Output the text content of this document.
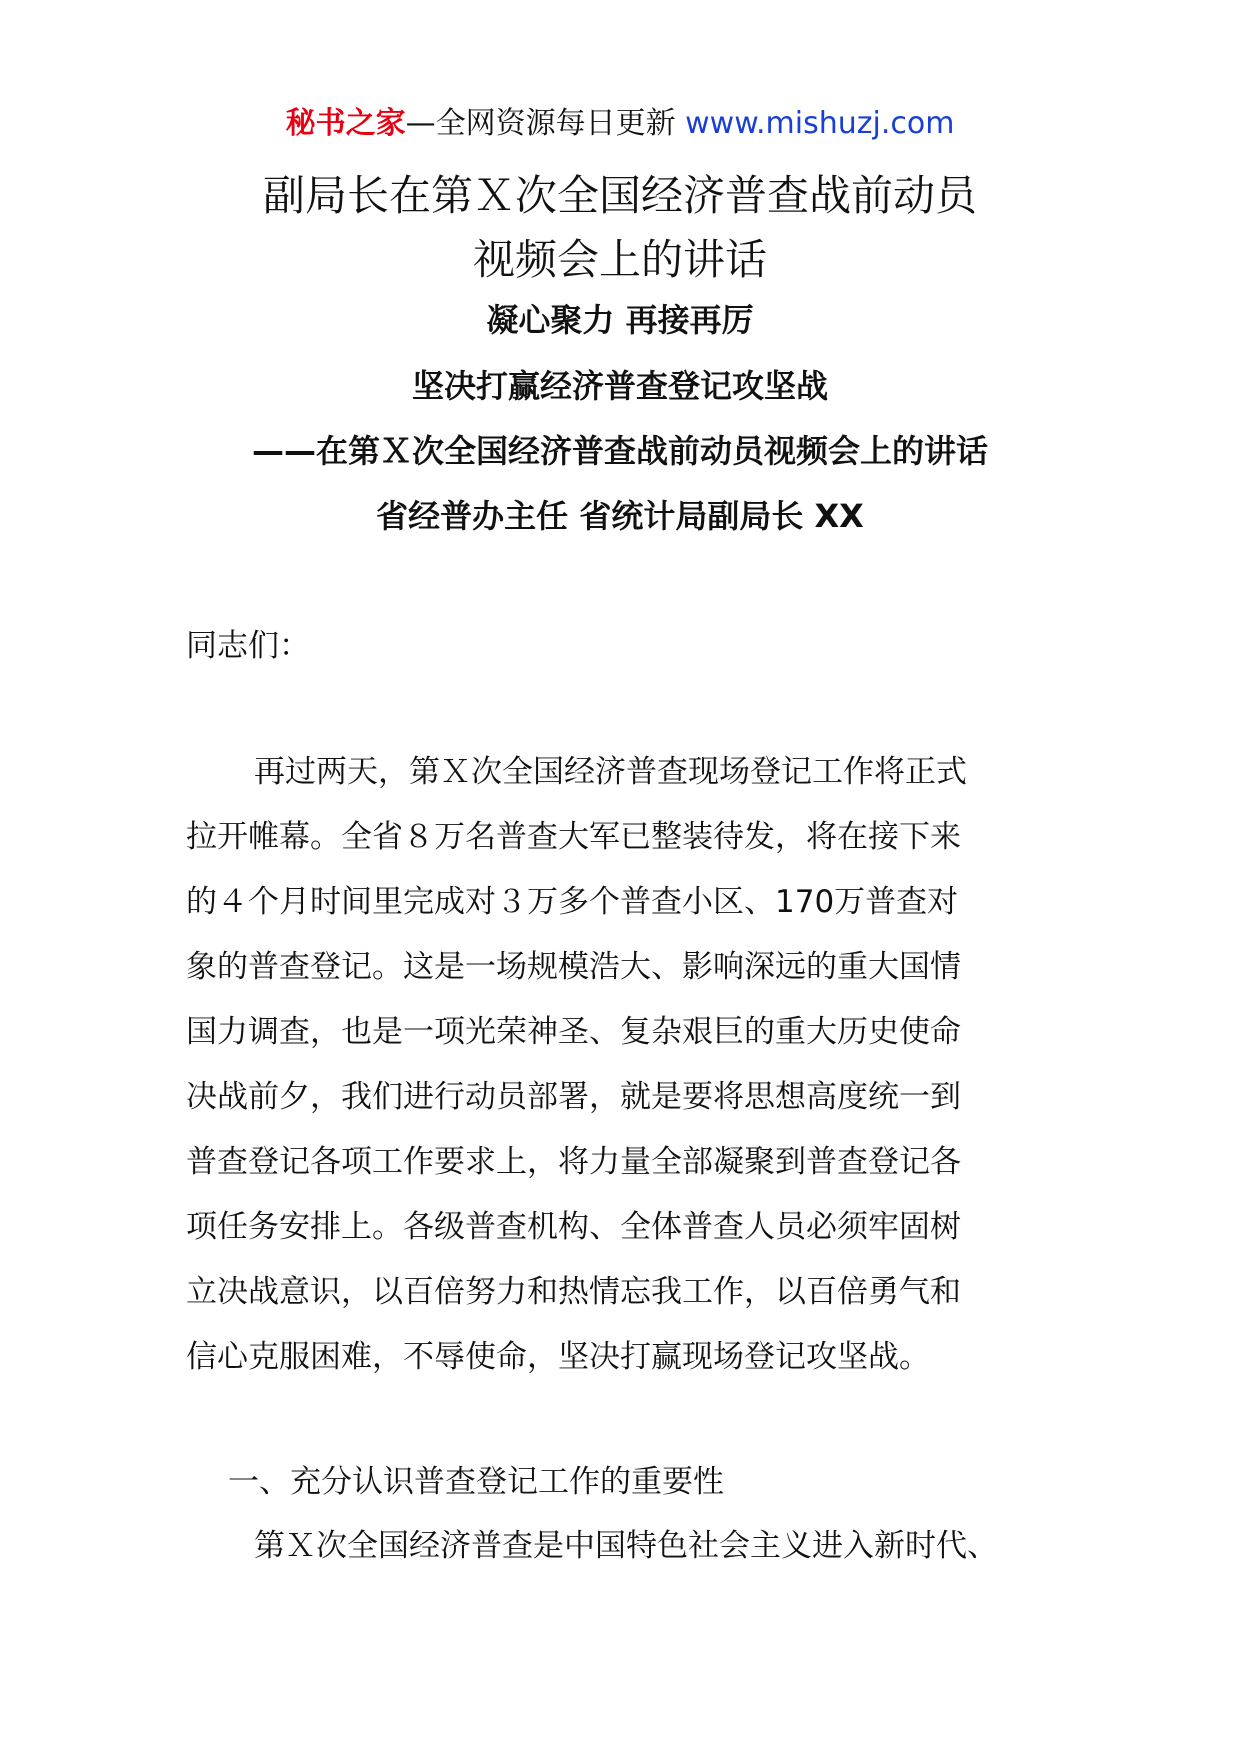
秘书之家—全网资源每日更新 www.mishuzj.com
副局长在第Ｘ次全国经济普查战前动员
视频会上的讲话
凝心聚力 再接再厉
坚决打赢经济普查登记攻坚战
——在第Ｘ次全国经济普查战前动员视频会上的讲话
省经普办主任 省统计局副局长 XX
同志们：
再过两天，第Ｘ次全国经济普查现场登记工作将正式
拉开帷幕。全省８万名普查大军已整装待发，将在接下来
的４个月时间里完成对３万多个普查小区、170万普查对
象的普查登记。这是一场规模浩大、影响深远的重大国情
国力调查，也是一项光荣神圣、复杂艰巨的重大历史使命
决战前夕，我们进行动员部署，就是要将思想高度统一到
普查登记各项工作要求上，将力量全部凝聚到普查登记各
项任务安排上。各级普查机构、全体普查人员必须牢固树
立决战意识，以百倍努力和热情忘我工作，以百倍勇气和
信心克服困难，不辱使命，坚决打赢现场登记攻坚战。
一、充分认识普查登记工作的重要性
第Ｘ次全国经济普查是中国特色社会主义进入新时代、
